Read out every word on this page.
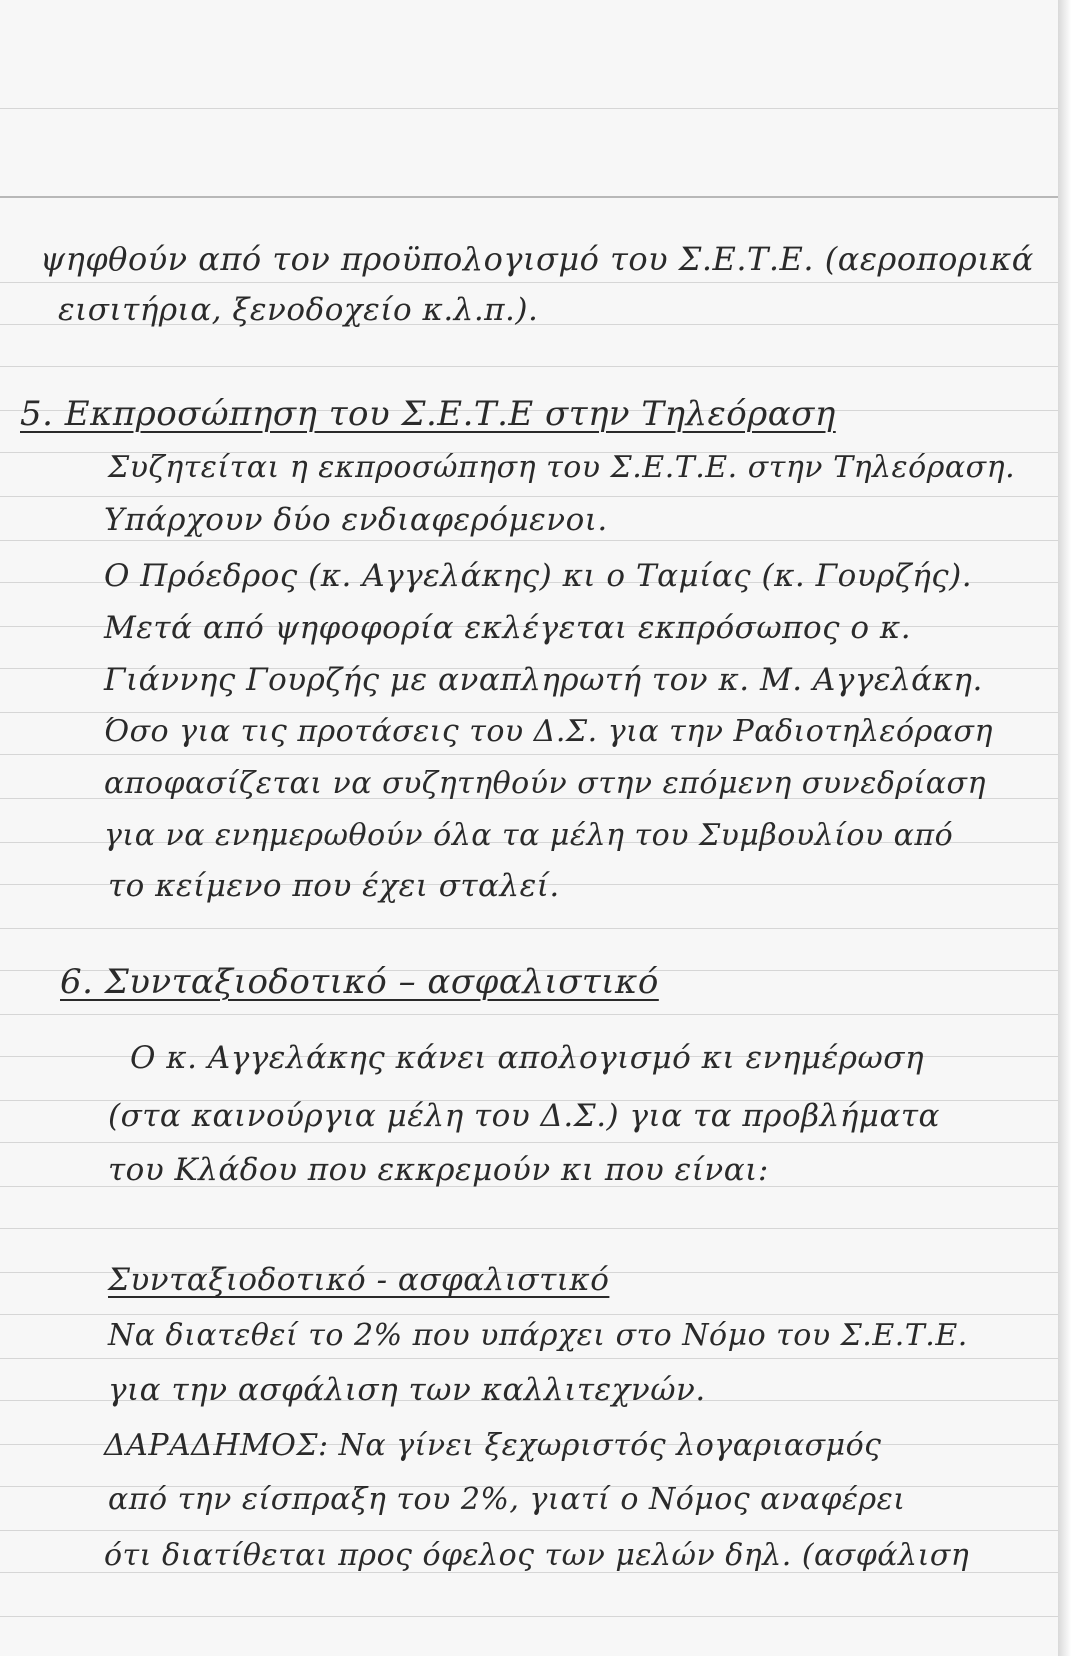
ψηφθούν από τον προϋπολογισμό του Σ.Ε.Τ.Ε. (αεροπορικά
εισιτήρια, ξενοδοχείο κ.λ.π.).
5. Εκπροσώπηση του Σ.Ε.Τ.Ε στην Τηλεόραση
Συζητείται η εκπροσώπηση του Σ.Ε.Τ.Ε. στην Τηλεόραση.
Υπάρχουν δύο ενδιαφερόμενοι.
Ο Πρόεδρος (κ. Αγγελάκης) κι ο Ταμίας (κ. Γουρζής).
Μετά από ψηφοφορία εκλέγεται εκπρόσωπος ο κ.
Γιάννης Γουρζής με αναπληρωτή τον κ. Μ. Αγγελάκη.
Όσο για τις προτάσεις του Δ.Σ. για την Ραδιοτηλεόραση
αποφασίζεται να συζητηθούν στην επόμενη συνεδρίαση
για να ενημερωθούν όλα τα μέλη του Συμβουλίου από
το κείμενο που έχει σταλεί.
6. Συνταξιοδοτικό – ασφαλιστικό
Ο κ. Αγγελάκης κάνει απολογισμό κι ενημέρωση
(στα καινούργια μέλη του Δ.Σ.) για τα προβλήματα
του Κλάδου που εκκρεμούν κι που είναι:
Συνταξιοδοτικό - ασφαλιστικό
Να διατεθεί το 2% που υπάρχει στο Νόμο του Σ.Ε.Τ.Ε.
για την ασφάλιση των καλλιτεχνών.
ΔΑΡΑΔΗΜΟΣ: Να γίνει ξεχωριστός λογαριασμός
από την είσπραξη του 2%, γιατί ο Νόμος αναφέρει
ότι διατίθεται προς όφελος των μελών δηλ. (ασφάλιση
